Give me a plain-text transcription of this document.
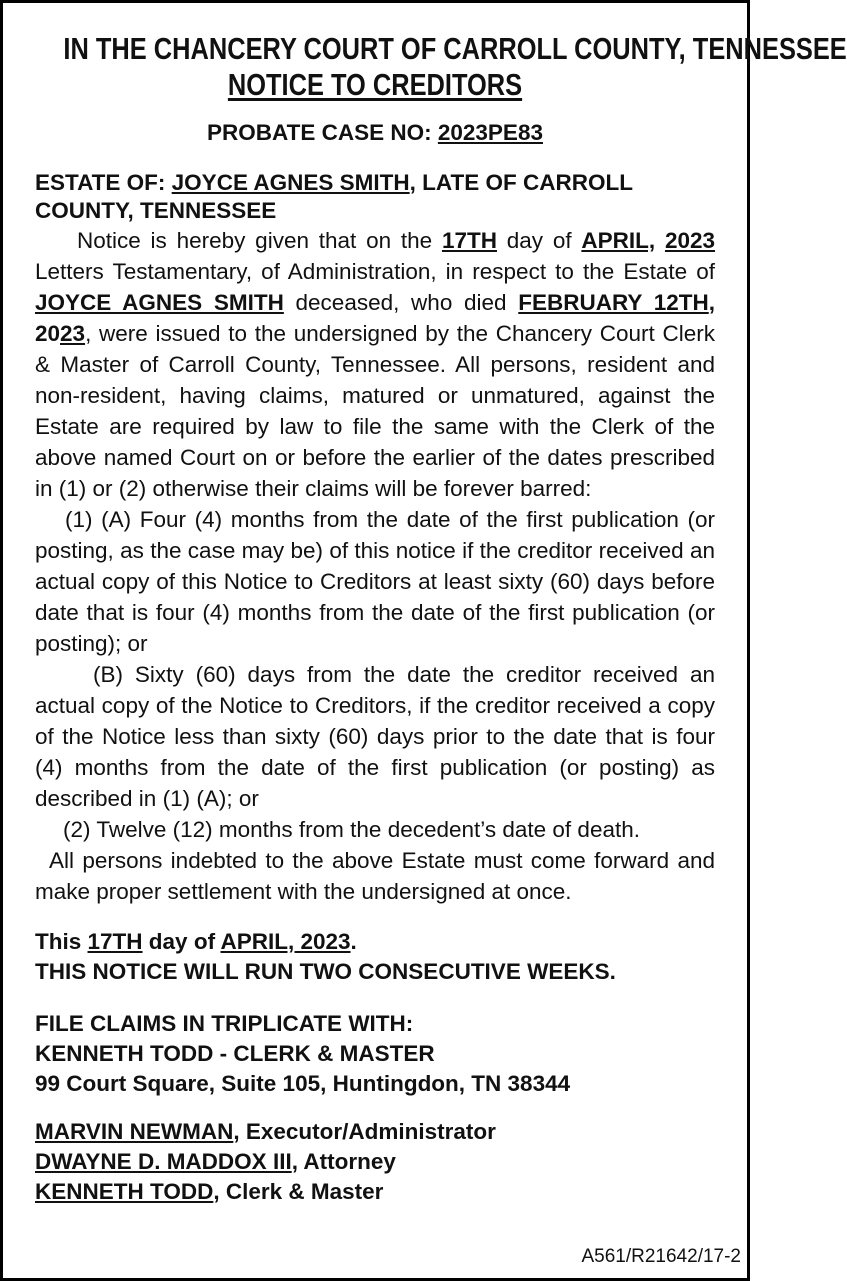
IN THE CHANCERY COURT OF CARROLL COUNTY, TENNESSEE
NOTICE TO CREDITORS
PROBATE CASE NO: 2023PE83
ESTATE OF: JOYCE AGNES SMITH, LATE OF CARROLL COUNTY, TENNESSEE

Notice is hereby given that on the 17TH day of APRIL, 2023 Letters Testamentary, of Administration, in respect to the Estate of JOYCE AGNES SMITH deceased, who died FEBRUARY 12TH, 2023, were issued to the undersigned by the Chancery Court Clerk & Master of Carroll County, Tennessee. All persons, resident and non-resident, having claims, matured or unmatured, against the Estate are required by law to file the same with the Clerk of the above named Court on or before the earlier of the dates prescribed in (1) or (2) otherwise their claims will be forever barred:

(1) (A) Four (4) months from the date of the first publication (or posting, as the case may be) of this notice if the creditor received an actual copy of this Notice to Creditors at least sixty (60) days before date that is four (4) months from the date of the first publication (or posting); or

(B) Sixty (60) days from the date the creditor received an actual copy of the Notice to Creditors, if the creditor received a copy of the Notice less than sixty (60) days prior to the date that is four (4) months from the date of the first publication (or posting) as described in (1) (A); or

(2) Twelve (12) months from the decedent’s date of death.

All persons indebted to the above Estate must come forward and make proper settlement with the undersigned at once.

This 17TH day of APRIL, 2023.

THIS NOTICE WILL RUN TWO CONSECUTIVE WEEKS.

FILE CLAIMS IN TRIPLICATE WITH:

KENNETH TODD - CLERK & MASTER

99 Court Square, Suite 105, Huntingdon, TN 38344

MARVIN NEWMAN, Executor/Administrator

DWAYNE D. MADDOX III, Attorney

KENNETH TODD, Clerk & Master

A561/R21642/17-2
